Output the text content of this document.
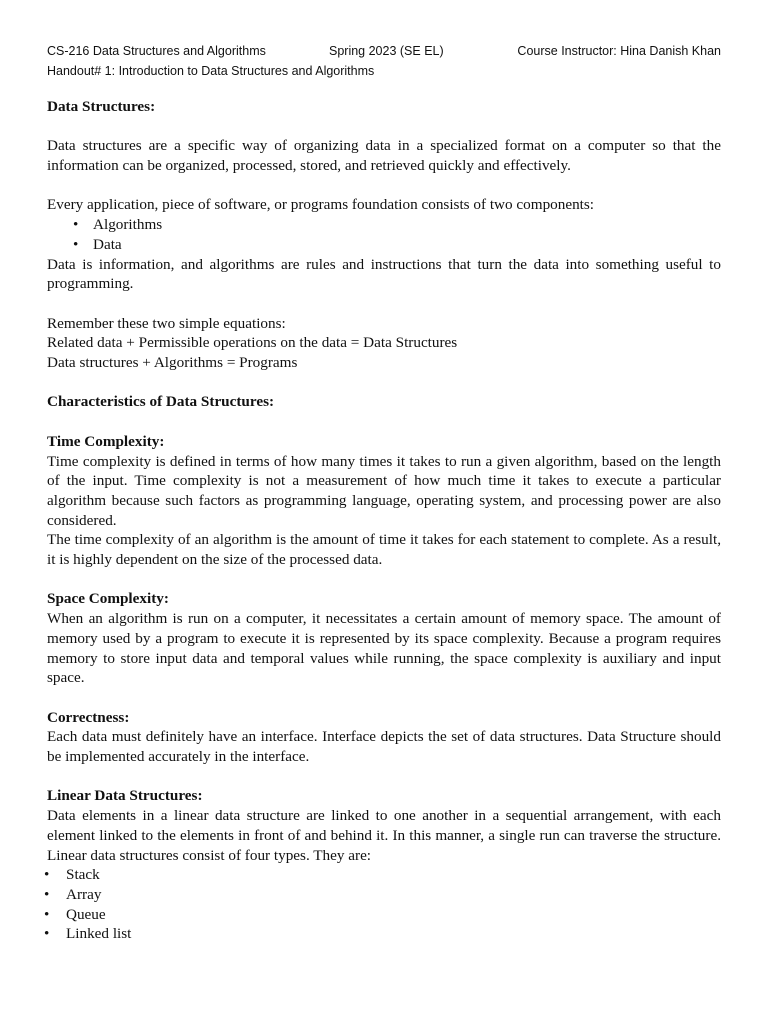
CS-216 Data Structures and Algorithms	Spring 2023 (SE EL)	Course Instructor: Hina Danish Khan
Handout# 1: Introduction to Data Structures and Algorithms

Data Structures:

Data structures are a specific way of organizing data in a specialized format on a computer so that the information can be organized, processed, stored, and retrieved quickly and effectively.

Every application, piece of software, or programs foundation consists of two components:

• Algorithms
• Data

Data is information, and algorithms are rules and instructions that turn the data into something useful to programming.

Remember these two simple equations:

Related data + Permissible operations on the data = Data Structures

Data structures + Algorithms = Programs

Characteristics of Data Structures:

Time Complexity:

Time complexity is defined in terms of how many times it takes to run a given algorithm, based on the length of the input. Time complexity is not a measurement of how much time it takes to execute a particular algorithm because such factors as programming language, operating system, and processing power are also considered.

The time complexity of an algorithm is the amount of time it takes for each statement to complete. As a result, it is highly dependent on the size of the processed data.

Space Complexity:

When an algorithm is run on a computer, it necessitates a certain amount of memory space. The amount of memory used by a program to execute it is represented by its space complexity. Because a program requires memory to store input data and temporal values while running, the space complexity is auxiliary and input space.

Correctness:

Each data must definitely have an interface. Interface depicts the set of data structures. Data Structure should be implemented accurately in the interface.

Linear Data Structures:

Data elements in a linear data structure are linked to one another in a sequential arrangement, with each element linked to the elements in front of and behind it. In this manner, a single run can traverse the structure. Linear data structures consist of four types. They are:

• Stack
• Array
• Queue
• Linked list
